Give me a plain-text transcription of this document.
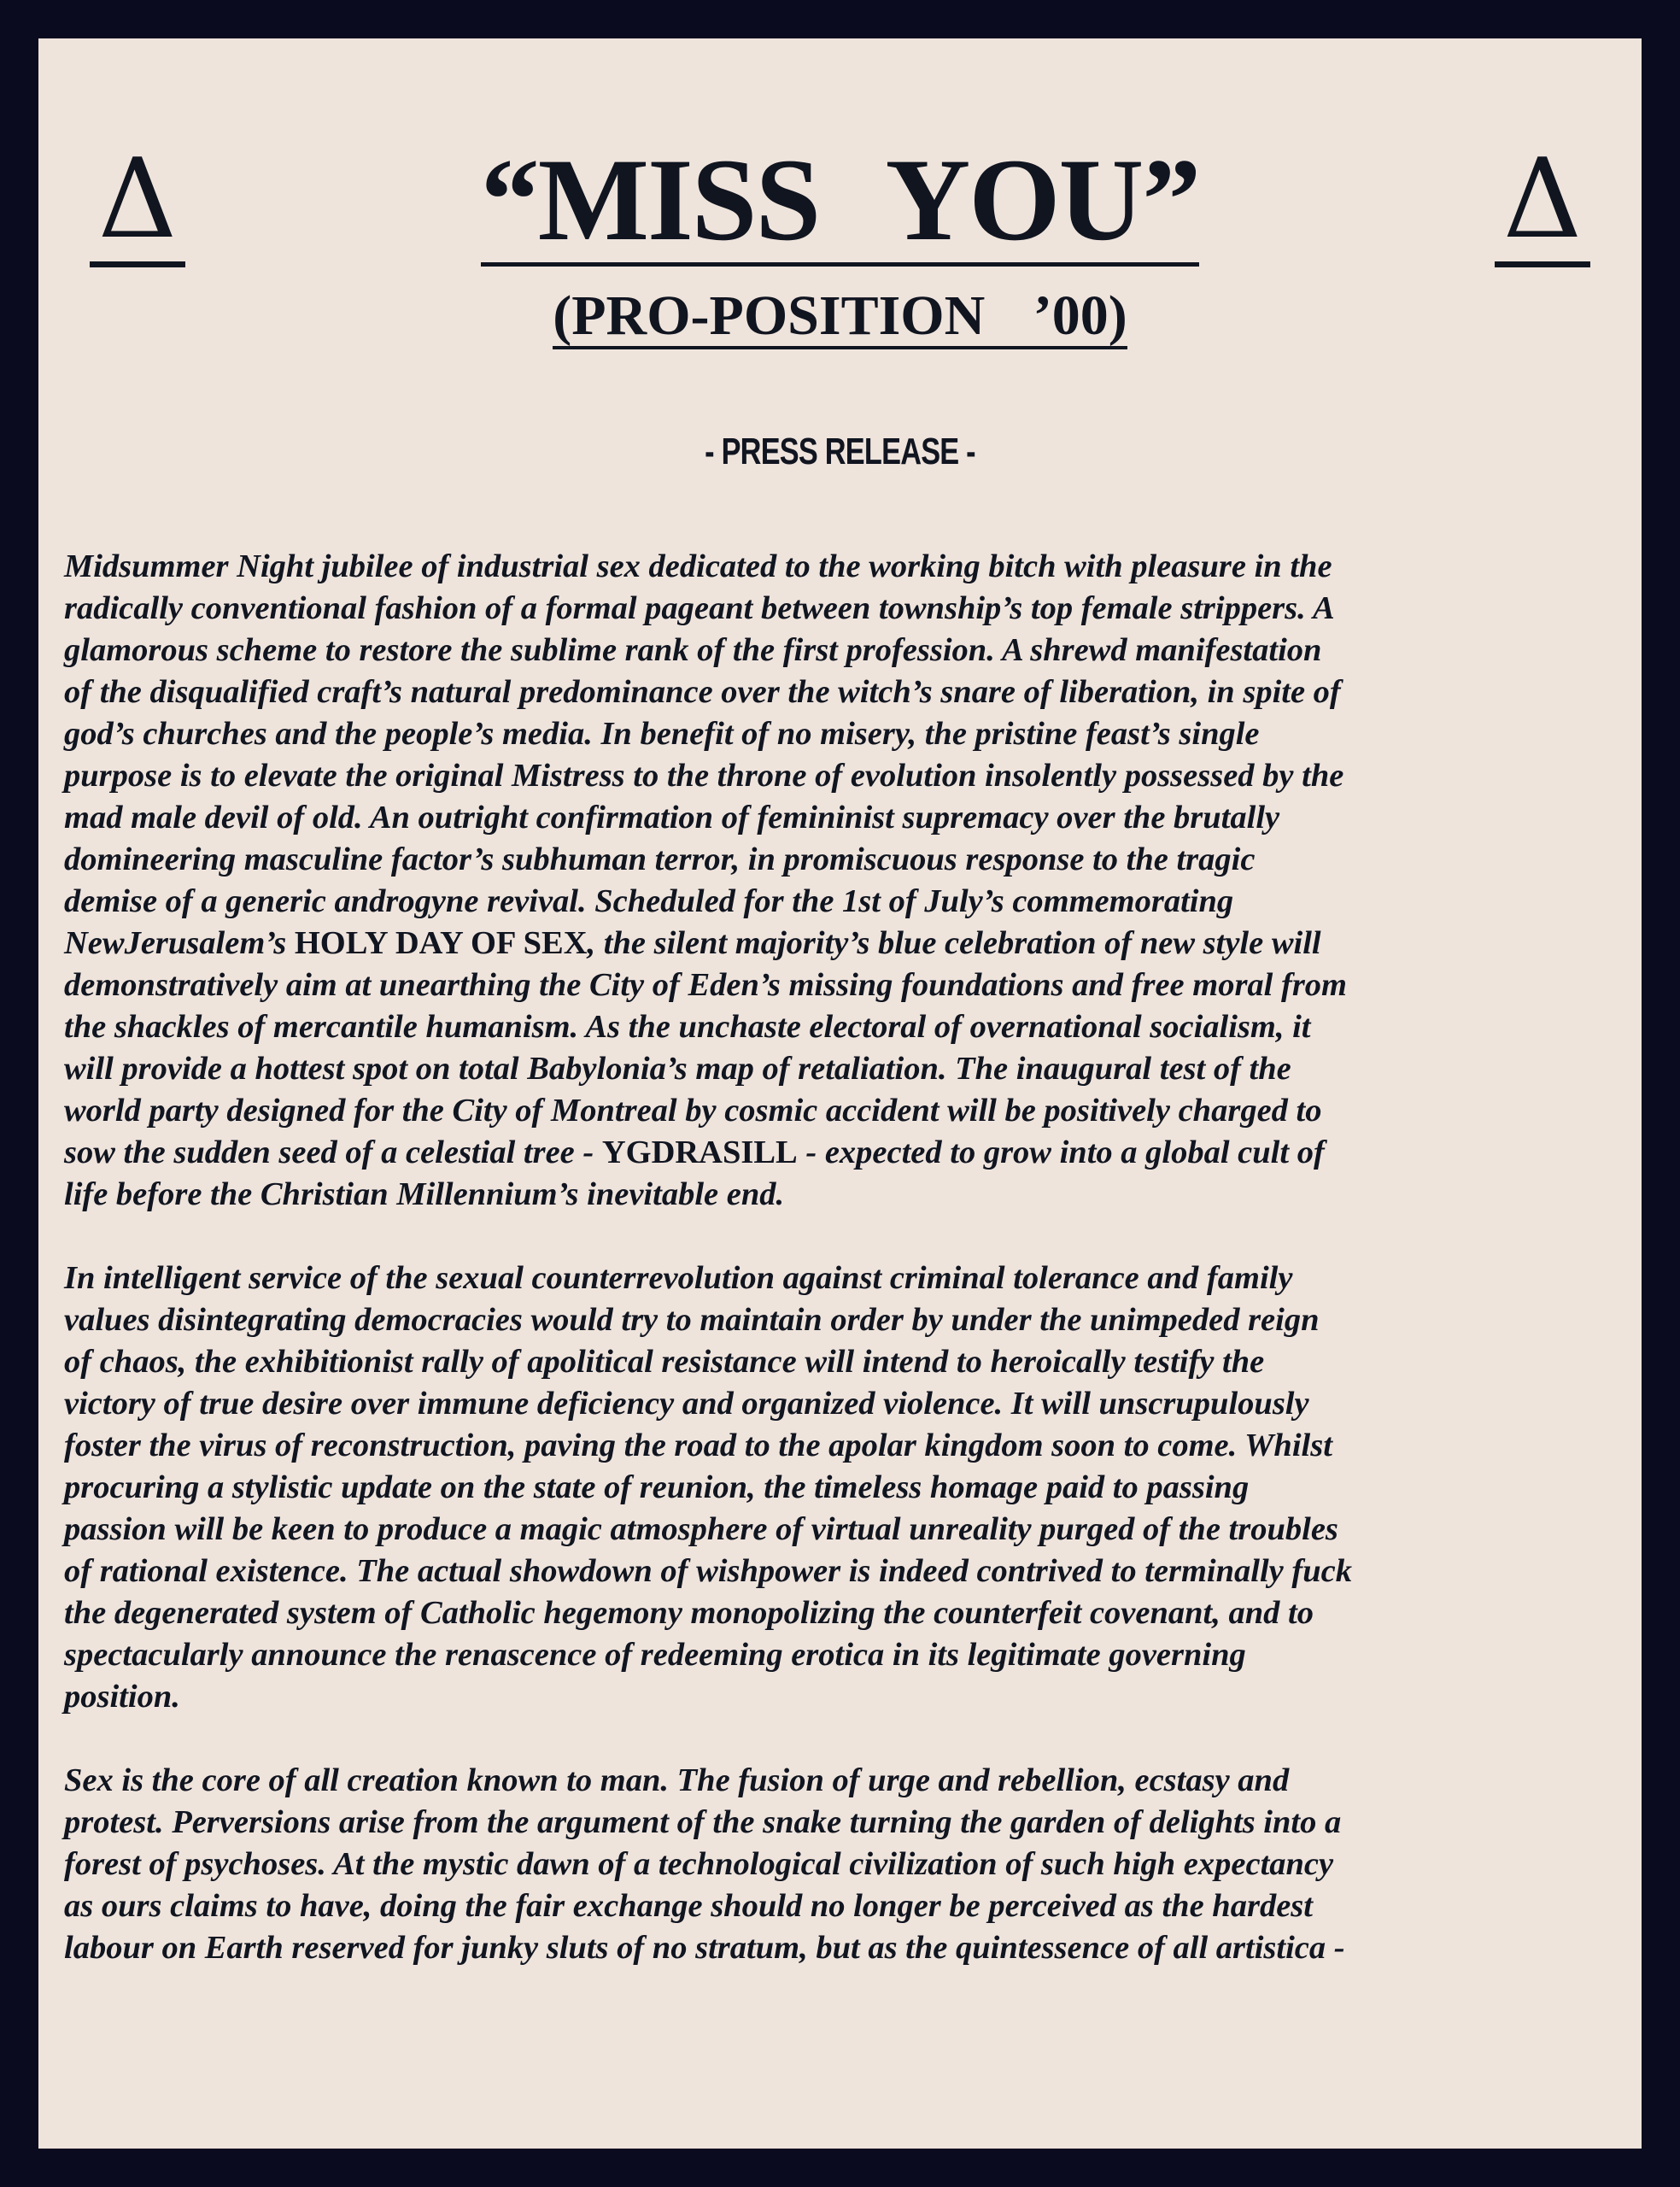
Δ	Δ
“MISS YOU”
(PRO-POSITION ’00)
- PRESS RELEASE -
Midsummer Night jubilee of industrial sex dedicated to the working bitch with pleasure in the
radically conventional fashion of a formal pageant between township’s top female strippers. A
glamorous scheme to restore the sublime rank of the first profession. A shrewd manifestation
of the disqualified craft’s natural predominance over the witch’s snare of liberation, in spite of
god’s churches and the people’s media. In benefit of no misery, the pristine feast’s single
purpose is to elevate the original Mistress to the throne of evolution insolently possessed by the
mad male devil of old. An outright confirmation of femininist supremacy over the brutally
domineering masculine factor’s subhuman terror, in promiscuous response to the tragic
demise of a generic androgyne revival. Scheduled for the 1st of July’s commemorating
NewJerusalem’s HOLY DAY OF SEX, the silent majority’s blue celebration of new style will
demonstratively aim at unearthing the City of Eden’s missing foundations and free moral from
the shackles of mercantile humanism. As the unchaste electoral of overnational socialism, it
will provide a hottest spot on total Babylonia’s map of retaliation. The inaugural test of the
world party designed for the City of Montreal by cosmic accident will be positively charged to
sow the sudden seed of a celestial tree - YGDRASILL - expected to grow into a global cult of
life before the Christian Millennium’s inevitable end.
In intelligent service of the sexual counterrevolution against criminal tolerance and family
values disintegrating democracies would try to maintain order by under the unimpeded reign
of chaos, the exhibitionist rally of apolitical resistance will intend to heroically testify the
victory of true desire over immune deficiency and organized violence. It will unscrupulously
foster the virus of reconstruction, paving the road to the apolar kingdom soon to come. Whilst
procuring a stylistic update on the state of reunion, the timeless homage paid to passing
passion will be keen to produce a magic atmosphere of virtual unreality purged of the troubles
of rational existence. The actual showdown of wishpower is indeed contrived to terminally fuck
the degenerated system of Catholic hegemony monopolizing the counterfeit covenant, and to
spectacularly announce the renascence of redeeming erotica in its legitimate governing
position.
Sex is the core of all creation known to man. The fusion of urge and rebellion, ecstasy and
protest. Perversions arise from the argument of the snake turning the garden of delights into a
forest of psychoses. At the mystic dawn of a technological civilization of such high expectancy
as ours claims to have, doing the fair exchange should no longer be perceived as the hardest
labour on Earth reserved for junky sluts of no stratum, but as the quintessence of all artistica -
